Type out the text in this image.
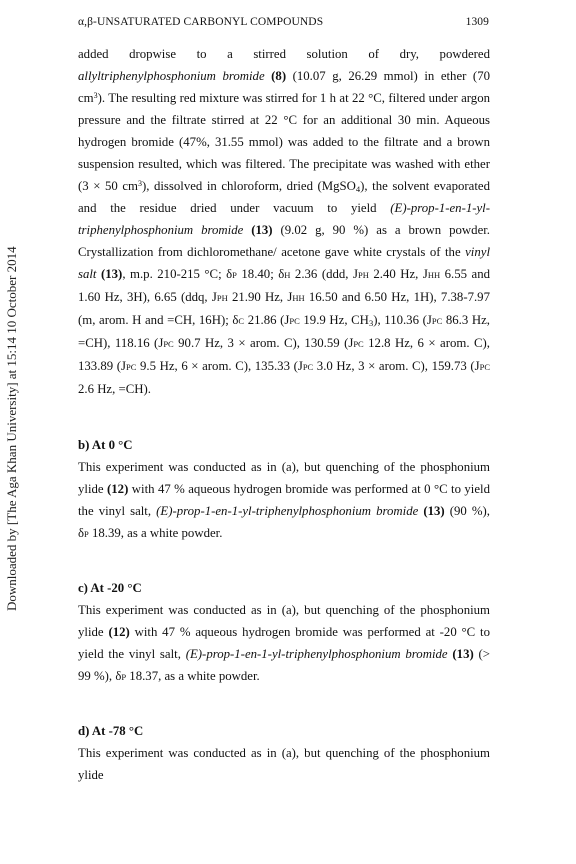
α,β-UNSATURATED CARBONYL COMPOUNDS	1309
Downloaded by [The Aga Khan University] at 15:14 10 October 2014

added dropwise to a stirred solution of dry, powdered allyltriphenylphosphonium bromide (8) (10.07 g, 26.29 mmol) in ether (70 $cm^3$). The resulting red mixture was stirred for 1 h at 22 °C, filtered under argon pressure and the filtrate stirred at 22 °C for an additional 30 min. Aqueous hydrogen bromide (47%, 31.55 mmol) was added to the filtrate and a brown suspension resulted, which was filtered. The precipitate was washed with ether (3 × 50 $cm^3$), dissolved in chloroform, dried (MgSO$_4$), the solvent evaporated and the residue dried under vacuum to yield (E)-prop-1-en-1-yl-triphenylphosphonium bromide (13) (9.02 g, 90 %) as a brown powder. Crystallization from dichloromethane/ acetone gave white crystals of the vinyl salt (13), m.p. 210-215 °C; δP 18.40; δH 2.36 (ddd, JPH 2.40 Hz, JHH 6.55 and 1.60 Hz, 3H), 6.65 (ddq, JPH 21.90 Hz, JHH 16.50 and 6.50 Hz, 1H), 7.38-7.97 (m, arom. H and =CH, 16H); δC 21.86 (JPC 19.9 Hz, $CH_3$), 110.36 (JPC 86.3 Hz, =CH), 118.16 (JPC 90.7 Hz, 3 × arom. C), 130.59 (JPC 12.8 Hz, 6 × arom. C), 133.89 (JPC 9.5 Hz, 6 × arom. C), 135.33 (JPC 3.0 Hz, 3 × arom. C), 159.73 (JPC 2.6 Hz, =CH).

b) At 0 °C

This experiment was conducted as in (a), but quenching of the phosphonium ylide (12) with 47 % aqueous hydrogen bromide was performed at 0 °C to yield the vinyl salt, (E)-prop-1-en-1-yl-triphenylphosphonium bromide (13) (90 %), δP 18.39, as a white powder.

c) At -20 °C

This experiment was conducted as in (a), but quenching of the phosphonium ylide (12) with 47 % aqueous hydrogen bromide was performed at -20 °C to yield the vinyl salt, (E)-prop-1-en-1-yl-triphenylphosphonium bromide (13) (> 99 %), δP 18.37, as a white powder.

d) At -78 °C

This experiment was conducted as in (a), but quenching of the phosphonium ylide
